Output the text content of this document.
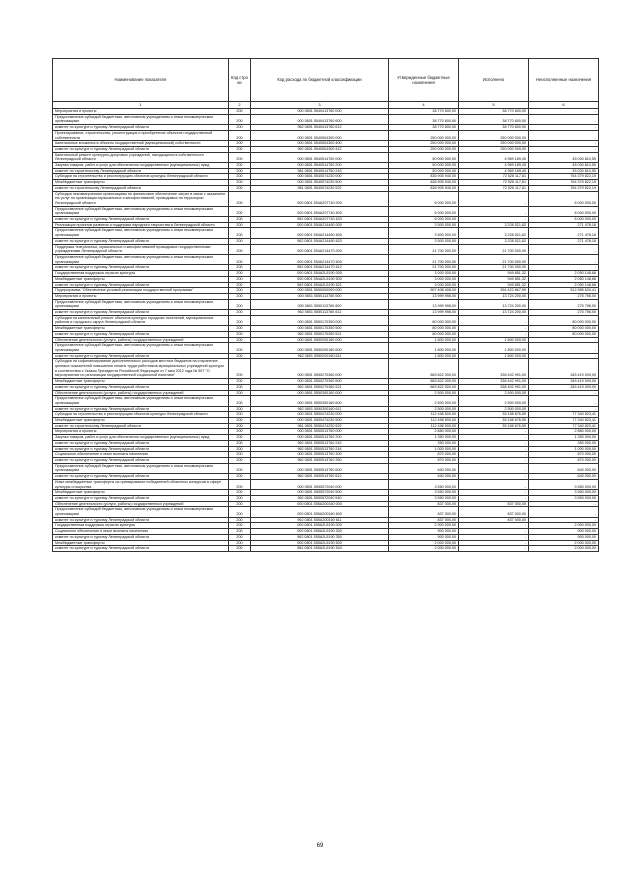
Наименование показателя	Код стро ки	Код расхода по бюджетной классификации	Утвержденные бюджетные назначения	Исполнено	Неисполненные назначения
1	2	3	4	5	6
Мероприятия и проекты	200	000 0801 5540413760 000	38 770 600,00	38 770 600,00	-
Предоставление субсидий бюджетным, автономным учреждениям и иным некоммерческим организациям	200	000 0801 5540413760 600	38 770 600,00	38 770 600,00	-
комитет по культуре и туризму Ленинградской области	200	962 0801 5540413760 612	38 770 600,00	38 770 600,00	-
Проектирование, строительство, реконструкция и приобретение объектов государственной собственности	200	000 0801 5540504300 000	250 000 000,00	250 000 000,00	-
Капитальные вложения в объекты государственной (муниципальной) собственности	200	000 0801 5540504300 400	250 000 000,00	250 000 000,00	-
комитет по культуре и туризму Ленинградской области	200	962 0801 5540504300 412	250 000 000,00	250 000 000,00	-
Капитальный ремонт культурно-досуговых учреждений, находящихся в собственности Ленинградской области	200	000 0801 5540514750 000	50 000 000,00	4 969 189,45	45 030 810,55
Закупка товаров, работ и услуг для обеспечения государственных (муниципальных) нужд	200	000 0801 5540514750 200	50 000 000,00	4 969 189,45	45 030 810,55
комитет по строительству Ленинградской области	200	981 0801 5540514750 243	50 000 000,00	4 969 189,45	45 030 810,55
Субсидии на строительство и реконструкцию объектов культуры Ленинградской области	200	000 0801 5540574230 000	836 905 940,00	72 526 117,81	764 379 822,19
Межбюджетные трансферты	200	000 0801 5540574230 500	836 905 940,00	72 526 117,81	764 379 822,19
комитет по строительству Ленинградской области	200	981 0801 5540574230 522	836 905 940,00	72 526 117,81	764 379 822,19
Субсидии некоммерческим организациям на финансовое обеспечение затрат в связи с оказанием ею услуг по организации музыкальных и кинофестивалей, проводимых на территории Ленинградской области	200	000 0801 554A207740 000	6 000 000,00	-	6 000 000,00
Предоставление субсидий бюджетным, автономным учреждениям и иным некоммерческим организациям	200	000 0801 554A207740 600	6 000 000,00	-	6 000 000,00
комитет по культуре и туризму Ленинградской области	200	962 0801 554A207740 633	6 000 000,00	-	6 000 000,00
Реализация проектов развития и поддержки народного творчества в Ленинградской области	200	000 0801 554A214460 000	3 500 000,00	3 228 521,82	271 478,18
Предоставление субсидий бюджетным, автономным учреждениям и иным некоммерческим организациям	200	000 0801 554A214460 600	3 500 000,00	3 228 521,82	271 478,18
комитет по культуре и туризму Ленинградской области	200	962 0801 554A214460 633	3 500 000,00	3 228 521,82	271 478,18
Поддержка театральных, музыкальных и кинофестивалей проводимых государственными учреждениями Ленинградской области	200	000 0801 554A214470 000	21 700 000,00	21 700 000,00	-
Предоставление субсидий бюджетным, автономным учреждениям и иным некоммерческим организациям	200	000 0801 554A214470 600	21 700 000,00	21 700 000,00	-
комитет по культуре и туризму Ленинградской области	200	962 0801 554A214470 612	21 700 000,00	21 700 000,00	-
Государственная поддержка отрасли культуры	200	000 0801 554A2L5190 000	3 000 000,00	949 851,32	2 050 148,68
Межбюджетные трансферты	200	000 0801 554A2L5190 500	3 000 000,00	949 851,32	2 050 148,68
комитет по культуре и туризму Ленинградской области	200	962 0801 554A2L5190 521	3 000 000,00	949 851,32	2 050 148,68
Подпрограмма "Обеспечение условий реализации государственной программы"	200	000 0801 5550000000 000	907 408 408,00	394 422 867,59	512 985 630,41
Мероприятия и проекты	200	000 0801 5550113760 000	13 999 998,00	13 724 200,00	275 798,00
Предоставление субсидий бюджетным, автономным учреждениям и иным некоммерческим организациям	200	000 0801 5550113760 600	13 999 998,00	13 724 200,00	275 798,00
комитет по культуре и туризму Ленинградской области	200	962 0801 5550113760 612	13 999 998,00	13 724 200,00	275 798,00
Субсидии на капитальный ремонт объектов культуры городских поселений, муниципальных районов и городского округа Ленинградской области	200	000 0801 5550170350 000	80 000 000,00	-	80 000 000,00
Межбюджетные трансферты	200	000 0801 5550170350 500	80 000 000,00	-	80 000 000,00
комитет по культуре и туризму Ленинградской области	200	962 0801 5550170350 521	80 000 000,00	-	80 000 000,00
Обеспечение деятельности (услуги, работы) государственных учреждений	200	000 0801 5550200180 000	1 800 000,00	1 800 000,00	-
Предоставление субсидий бюджетным, автономным учреждениям и иным некоммерческим организациям	200	000 0801 5550200180 600	1 800 000,00	1 800 000,00	-
комитет по культуре и туризму Ленинградской области	200	962 0801 5550200180 611	1 800 000,00	1 800 000,00	-
Субсидии на софинансирование дополнительных расходов местных бюджетов на сохранение целевых показателей повышения оплаты труда работников муниципальных учреждений культуры в соответствии с Указом Президента Российской Федерации от 7 мая 2012 года № 597 "О мероприятиях по реализации государственной социальной политики"	200	000 0801 5550270360 000	683 822 000,00	338 402 991,00	345 419 009,00
Межбюджетные трансферты	200	000 0801 5550270360 500	683 822 000,00	338 402 991,00	345 419 009,00
комитет по культуре и туризму Ленинградской области	200	962 0801 5550270360 521	683 822 000,00	338 402 991,00	345 419 009,00
Обеспечение деятельности (услуги, работы) государственных учреждений	200	000 0801 5550300160 000	2 500 000,00	2 500 000,00	-
Предоставление субсидий бюджетным, автономным учреждениям и иным некоммерческим организациям	200	000 0801 5550300160 600	2 500 000,00	2 500 000,00	-
комитет по культуре и туризму Ленинградской области	200	962 0801 5550300160 611	2 500 000,00	2 500 000,00	-
Субсидии на строительство и реконструкцию объектов культуры Ленинградской области	200	000 0801 5550474230 000	112 498 500,00	35 158 676,59	77 340 823,41
Межбюджетные трансферты	200	000 0801 5550474230 500	112 498 500,00	35 158 676,59	77 340 823,41
комитет по строительству Ленинградской области	200	981 0801 5550474230 522	112 498 500,00	35 158 676,59	77 340 823,41
Мероприятия и проекты	200	000 0801 5550513760 000	2 880 000,00	-	2 880 000,00
Закупка товаров, работ и услуг для обеспечения государственных (муниципальных) нужд	200	000 0801 5550513760 200	1 350 000,00	-	1 350 000,00
комитет по культуре и туризму Ленинградской области	200	962 0801 5550513760 242	350 000,00	-	350 000,00
комитет по культуре и туризму Ленинградской области	200	962 0801 5550513760 244	1 000 000,00	-	1 000 000,00
Социальное обеспечение и иные выплаты населению	200	000 0801 5550513760 300	870 000,00	-	870 000,00
комитет по культуре и туризму Ленинградской области	200	962 0801 5550513760 350	870 000,00	-	870 000,00
Предоставление субсидий бюджетным, автономным учреждениям и иным некоммерческим организациям	200	000 0801 5550513760 600	640 000,00	-	640 000,00
комитет по культуре и туризму Ленинградской области	200	962 0801 5550513760 612	640 000,00	-	640 000,00
Иные межбюджетные трансферты на премирование победителей областных конкурсов в сфере культуры и искусства	200	000 0801 5550572040 000	3 550 000,00	-	3 550 000,00
Межбюджетные трансферты	200	000 0801 5550572040 500	3 550 000,00	-	3 550 000,00
комитет по культуре и туризму Ленинградской области	200	962 0801 5550572040 540	3 550 000,00	-	3 550 000,00
Обеспечение деятельности (услуги, работы) государственных учреждений	200	000 0801 555A200160 000	837 000,00	837 000,00	-
Предоставление субсидий бюджетным, автономным учреждениям и иным некоммерческим организациям	200	000 0801 555A200160 600	837 000,00	837 000,00	-
комитет по культуре и туризму Ленинградской области	200	962 0801 555A200160 611	837 000,00	837 000,00	-
Государственная поддержка отрасли культуры	200	000 0801 555A2L5190 000	2 900 000,00	-	2 900 000,00
Социальное обеспечение и иные выплаты населению	200	000 0801 555A2L5190 300	900 000,00	-	900 000,00
комитет по культуре и туризму Ленинградской области	200	962 0801 555A2L5190 350	900 000,00	-	900 000,00
Межбюджетные трансферты	200	000 0801 555A2L5190 500	2 000 000,00	-	2 000 000,00
комитет по культуре и туризму Ленинградской области	200	962 0801 555A2L5190 540	2 000 000,00	-	2 000 000,00
69
